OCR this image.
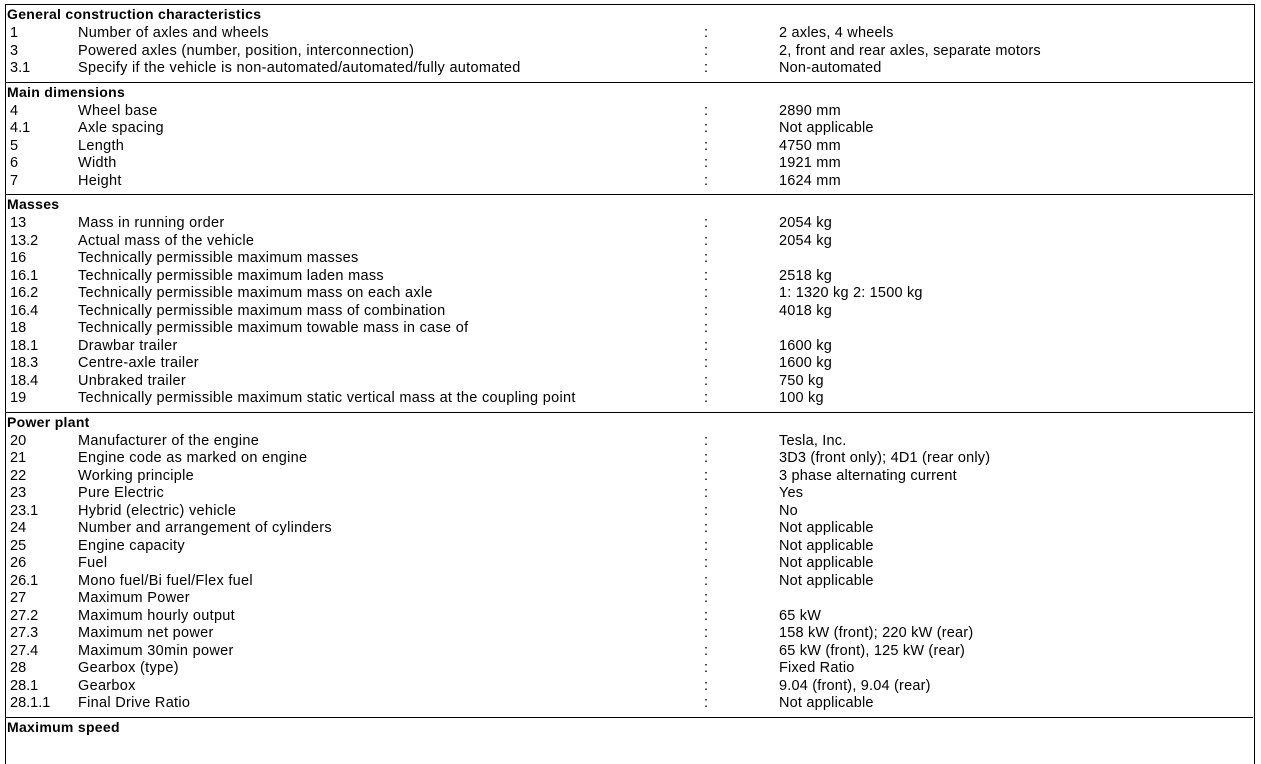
General construction characteristics
1	Number of axles and wheels	:	2 axles, 4 wheels
3	Powered axles (number, position, interconnection)	:	2, front and rear axles, separate motors
3.1	Specify if the vehicle is non-automated/automated/fully automated	:	Non-automated
Main dimensions
4	Wheel base	:	2890 mm
4.1	Axle spacing	:	Not applicable
5	Length	:	4750 mm
6	Width	:	1921 mm
7	Height	:	1624 mm
Masses
13	Mass in running order	:	2054 kg
13.2	Actual mass of the vehicle	:	2054 kg
16	Technically permissible maximum masses	:
16.1	Technically permissible maximum laden mass	:	2518 kg
16.2	Technically permissible maximum mass on each axle	:	1: 1320 kg 2: 1500 kg
16.4	Technically permissible maximum mass of combination	:	4018 kg
18	Technically permissible maximum towable mass in case of	:
18.1	Drawbar trailer	:	1600 kg
18.3	Centre-axle trailer	:	1600 kg
18.4	Unbraked trailer	:	750 kg
19	Technically permissible maximum static vertical mass at the coupling point	:	100 kg
Power plant
20	Manufacturer of the engine	:	Tesla, Inc.
21	Engine code as marked on engine	:	3D3 (front only); 4D1 (rear only)
22	Working principle	:	3 phase alternating current
23	Pure Electric	:	Yes
23.1	Hybrid (electric) vehicle	:	No
24	Number and arrangement of cylinders	:	Not applicable
25	Engine capacity	:	Not applicable
26	Fuel	:	Not applicable
26.1	Mono fuel/Bi fuel/Flex fuel	:	Not applicable
27	Maximum Power	:
27.2	Maximum hourly output	:	65 kW
27.3	Maximum net power	:	158 kW (front); 220 kW (rear)
27.4	Maximum 30min power	:	65 kW (front), 125 kW (rear)
28	Gearbox (type)	:	Fixed Ratio
28.1	Gearbox	:	9.04 (front), 9.04 (rear)
28.1.1 Final Drive Ratio	:	Not applicable
Maximum speed
